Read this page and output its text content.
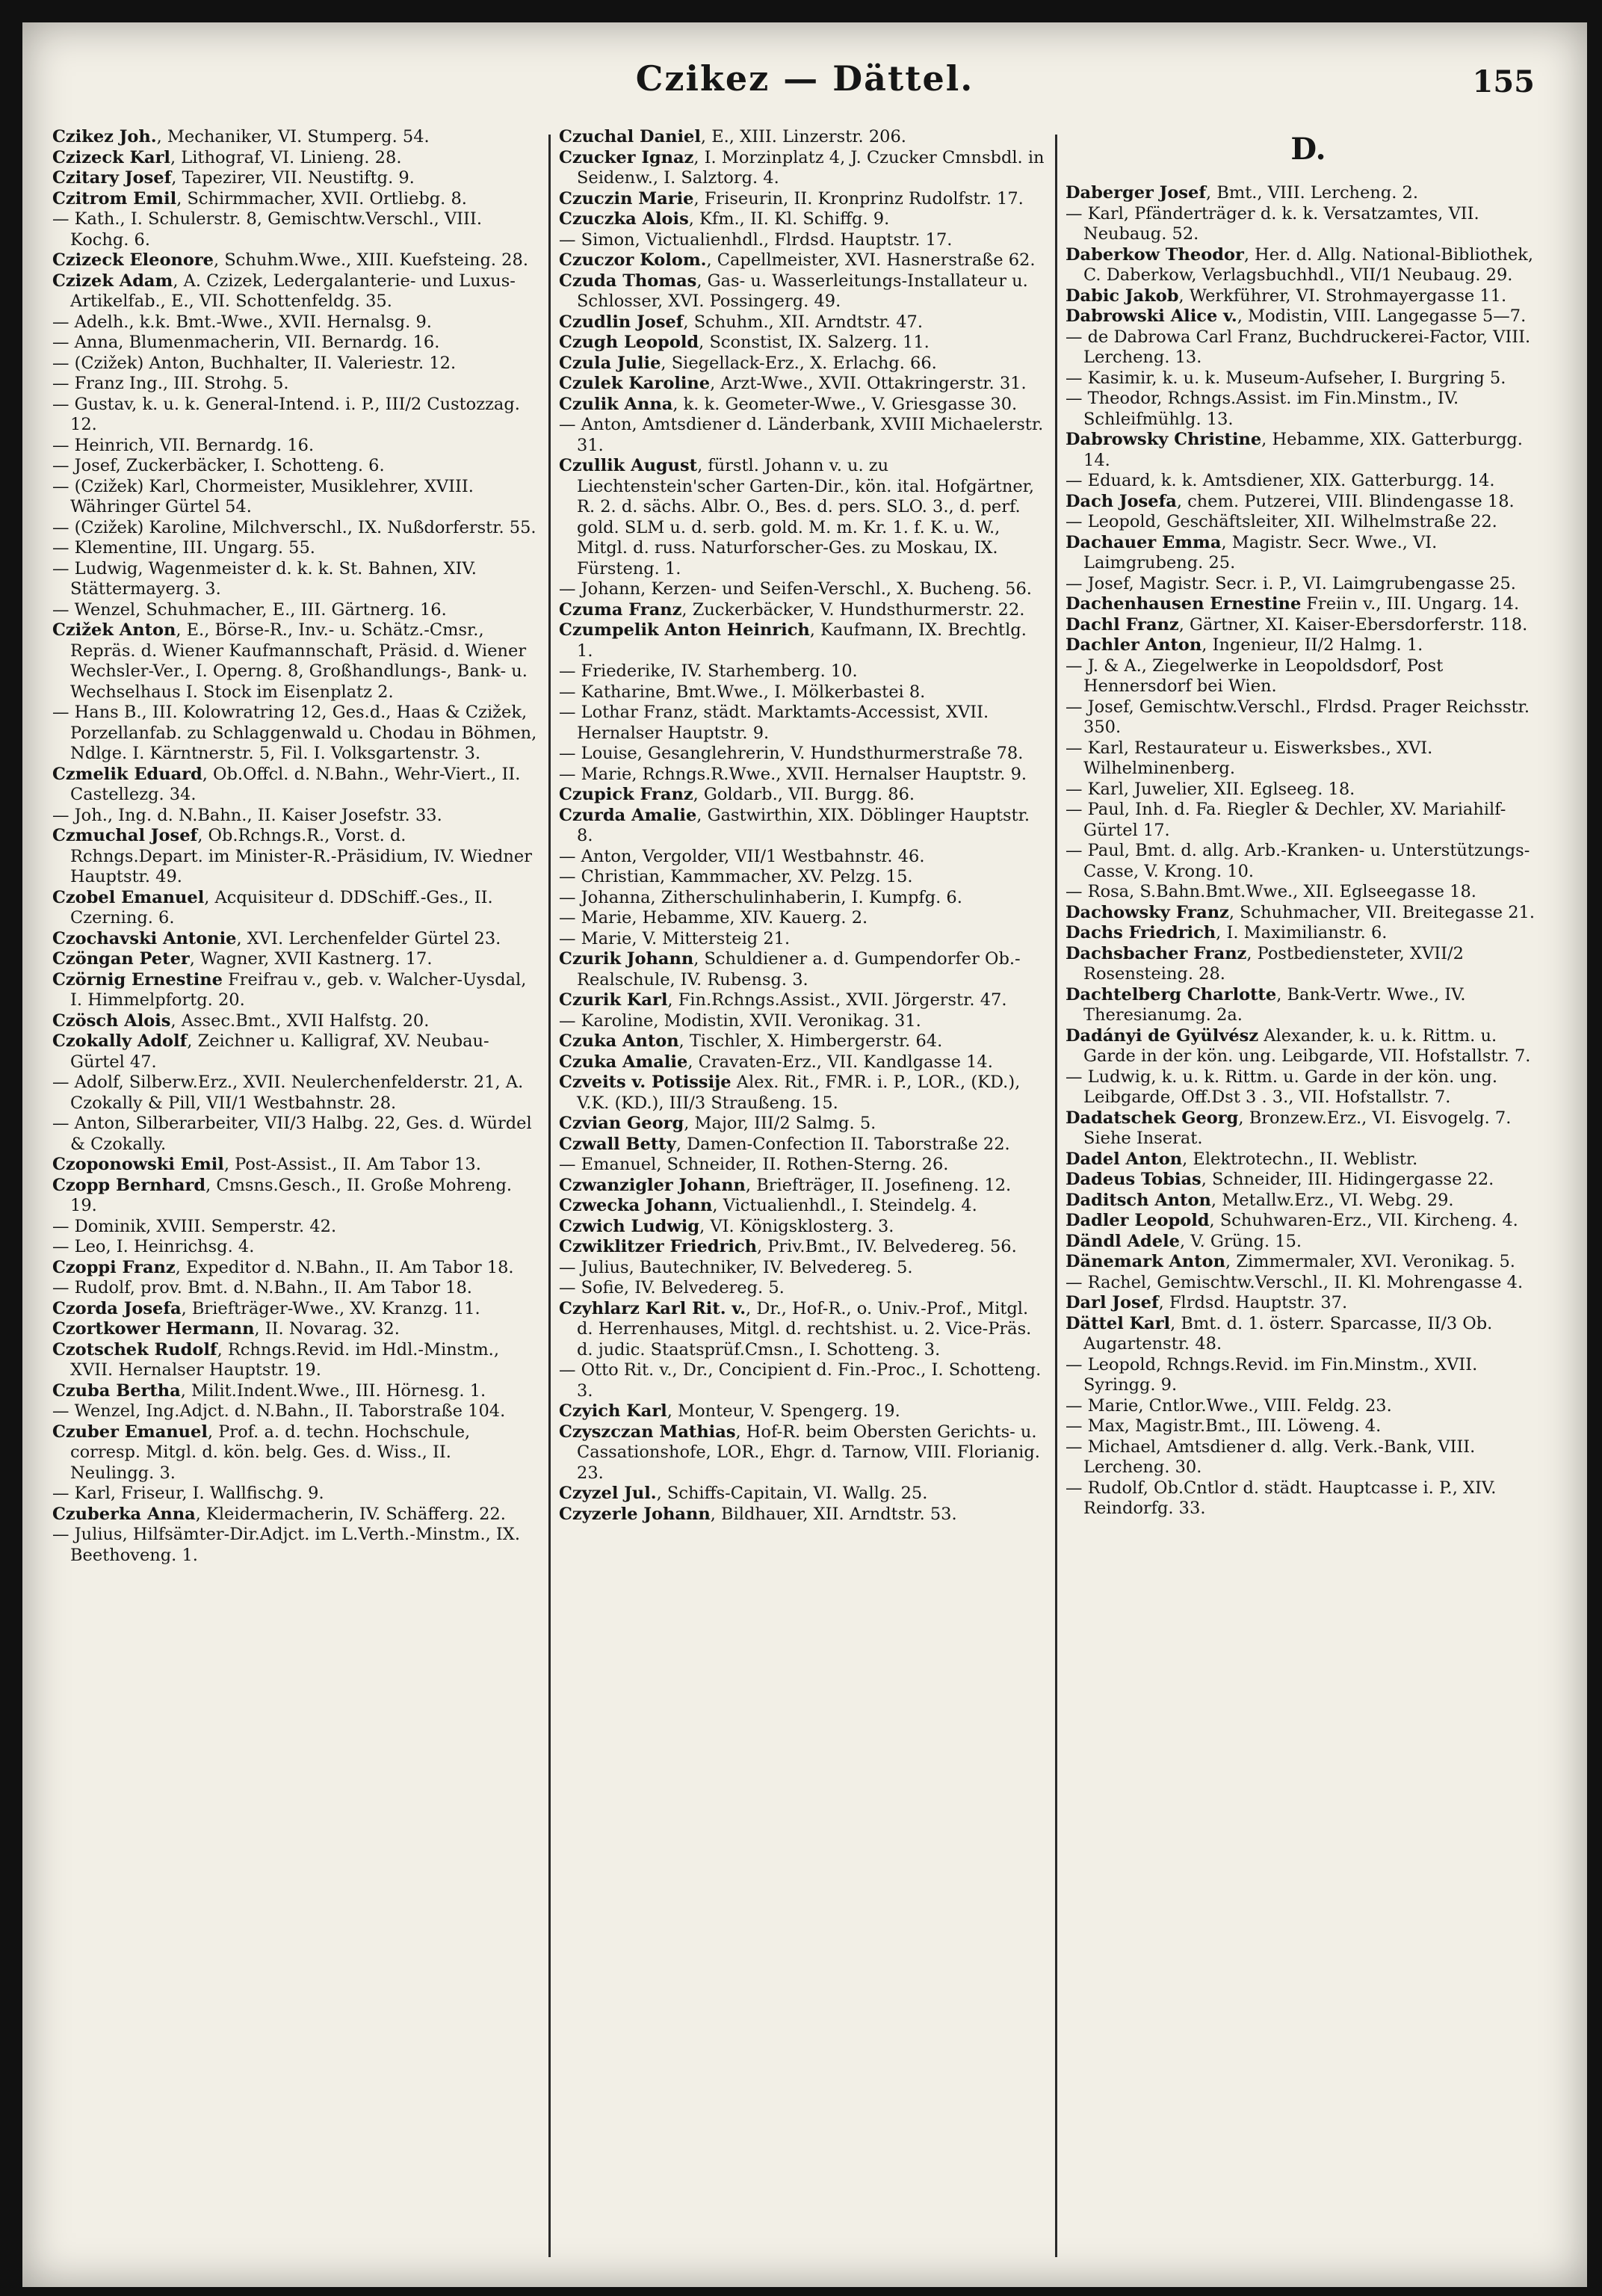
Czikez — Dättel.	155

Czikez Joh., Mechaniker, VI. Stumperg. 54.

Czizeck Karl, Lithograf, VI. Linieng. 28.

Czitary Josef, Tapezirer, VII. Neustiftg. 9.

Czitrom Emil, Schirmmacher, XVII. Ortliebg. 8.

— Kath., I. Schulerstr. 8, Gemischtw.Verschl., VIII. Kochg. 6.

Czizeck Eleonore, Schuhm.Wwe., XIII. Kuefsteing. 28.

Czizek Adam, A. Czizek, Ledergalanterie- und Luxus-Artikelfab., E., VII. Schottenfeldg. 35.

— Adelh., k.k. Bmt.-Wwe., XVII. Hernalsg. 9.

— Anna, Blumenmacherin, VII. Bernardg. 16.

— (Czižek) Anton, Buchhalter, II. Valeriestr. 12.

— Franz Ing., III. Strohg. 5.

— Gustav, k. u. k. General-Intend. i. P., III/2 Custozzag. 12.

— Heinrich, VII. Bernardg. 16.

— Josef, Zuckerbäcker, I. Schotteng. 6.

— (Czižek) Karl, Chormeister, Musiklehrer, XVIII. Währinger Gürtel 54.

— (Czižek) Karoline, Milchverschl., IX. Nußdorferstr. 55.

— Klementine, III. Ungarg. 55.

— Ludwig, Wagenmeister d. k. k. St. Bahnen, XIV. Stättermayerg. 3.

— Wenzel, Schuhmacher, E., III. Gärtnerg. 16.

Czižek Anton, E., Börse-R., Inv.- u. Schätz.-Cmsr., Repräs. d. Wiener Kaufmannschaft, Präsid. d. Wiener Wechsler-Ver., I. Operng. 8, Großhandlungs-, Bank- u. Wechselhaus I. Stock im Eisenplatz 2.

— Hans B., III. Kolowratring 12, Ges.d., Haas & Czižek, Porzellanfab. zu Schlaggenwald u. Chodau in Böhmen, Ndlge. I. Kärntnerstr. 5, Fil. I. Volksgartenstr. 3.

Czmelik Eduard, Ob.Offcl. d. N.Bahn., Wehr-Viert., II. Castellezg. 34.

— Joh., Ing. d. N.Bahn., II. Kaiser Josefstr. 33.

Czmuchal Josef, Ob.Rchngs.R., Vorst. d. Rchngs.Depart. im Minister-R.-Präsidium, IV. Wiedner Hauptstr. 49.

Czobel Emanuel, Acquisiteur d. DDSchiff.-Ges., II. Czerning. 6.

Czochavski Antonie, XVI. Lerchenfelder Gürtel 23.

Czöngan Peter, Wagner, XVII Kastnerg. 17.

Czörnig Ernestine Freifrau v., geb. v. Walcher-Uysdal, I. Himmelpfortg. 20.

Czösch Alois, Assec.Bmt., XVII Halfstg. 20.

Czokally Adolf, Zeichner u. Kalligraf, XV. Neubau-Gürtel 47.

— Adolf, Silberw.Erz., XVII. Neulerchenfelderstr. 21, A. Czokally & Pill, VII/1 Westbahnstr. 28.

— Anton, Silberarbeiter, VII/3 Halbg. 22, Ges. d. Würdel & Czokally.

Czoponowski Emil, Post-Assist., II. Am Tabor 13.

Czopp Bernhard, Cmsns.Gesch., II. Große Mohreng. 19.

— Dominik, XVIII. Semperstr. 42.

— Leo, I. Heinrichsg. 4.

Czoppi Franz, Expeditor d. N.Bahn., II. Am Tabor 18.

— Rudolf, prov. Bmt. d. N.Bahn., II. Am Tabor 18.

Czorda Josefa, Briefträger-Wwe., XV. Kranzg. 11.

Czortkower Hermann, II. Novarag. 32.

Czotschek Rudolf, Rchngs.Revid. im Hdl.-Minstm., XVII. Hernalser Hauptstr. 19.

Czuba Bertha, Milit.Indent.Wwe., III. Hörnesg. 1.

— Wenzel, Ing.Adjct. d. N.Bahn., II. Taborstraße 104.

Czuber Emanuel, Prof. a. d. techn. Hochschule, corresp. Mitgl. d. kön. belg. Ges. d. Wiss., II. Neulingg. 3.

— Karl, Friseur, I. Wallfischg. 9.

Czuberka Anna, Kleidermacherin, IV. Schäfferg. 22.

— Julius, Hilfsämter-Dir.Adjct. im L.Verth.-Minstm., IX. Beethoveng. 1.

Czuchal Daniel, E., XIII. Linzerstr. 206.

Czucker Ignaz, I. Morzinplatz 4, J. Czucker Cmnsbdl. in Seidenw., I. Salztorg. 4.

Czuczin Marie, Friseurin, II. Kronprinz Rudolfstr. 17.

Czuczka Alois, Kfm., II. Kl. Schiffg. 9.

— Simon, Victualienhdl., Flrdsd. Hauptstr. 17.

Czuczor Kolom., Capellmeister, XVI. Hasnerstraße 62.

Czuda Thomas, Gas- u. Wasserleitungs-Installateur u. Schlosser, XVI. Possingerg. 49.

Czudlin Josef, Schuhm., XII. Arndtstr. 47.

Czugh Leopold, Sconstist, IX. Salzerg. 11.

Czula Julie, Siegellack-Erz., X. Erlachg. 66.

Czulek Karoline, Arzt-Wwe., XVII. Ottakringerstr. 31.

Czulik Anna, k. k. Geometer-Wwe., V. Griesgasse 30.

— Anton, Amtsdiener d. Länderbank, XVIII Michaelerstr. 31.

Czullik August, fürstl. Johann v. u. zu Liechtenstein'scher Garten-Dir., kön. ital. Hofgärtner, R. 2. d. sächs. Albr. O., Bes. d. pers. SLO. 3., d. perf. gold. SLM u. d. serb. gold. M. m. Kr. 1. f. K. u. W., Mitgl. d. russ. Naturforscher-Ges. zu Moskau, IX. Fürsteng. 1.

— Johann, Kerzen- und Seifen-Verschl., X. Bucheng. 56.

Czuma Franz, Zuckerbäcker, V. Hundsthurmerstr. 22.

Czumpelik Anton Heinrich, Kaufmann, IX. Brechtlg. 1.

— Friederike, IV. Starhemberg. 10.

— Katharine, Bmt.Wwe., I. Mölkerbastei 8.

— Lothar Franz, städt. Marktamts-Accessist, XVII. Hernalser Hauptstr. 9.

— Louise, Gesanglehrerin, V. Hundsthurmerstraße 78.

— Marie, Rchngs.R.Wwe., XVII. Hernalser Hauptstr. 9.

Czupick Franz, Goldarb., VII. Burgg. 86.

Czurda Amalie, Gastwirthin, XIX. Döblinger Hauptstr. 8.

— Anton, Vergolder, VII/1 Westbahnstr. 46.

— Christian, Kammmacher, XV. Pelzg. 15.

— Johanna, Zitherschulinhaberin, I. Kumpfg. 6.

— Marie, Hebamme, XIV. Kauerg. 2.

— Marie, V. Mittersteig 21.

Czurik Johann, Schuldiener a. d. Gumpendorfer Ob.-Realschule, IV. Rubensg. 3.

Czurik Karl, Fin.Rchngs.Assist., XVII. Jörgerstr. 47.

— Karoline, Modistin, XVII. Veronikag. 31.

Czuka Anton, Tischler, X. Himbergerstr. 64.

Czuka Amalie, Cravaten-Erz., VII. Kandlgasse 14.

Czveits v. Potissije Alex. Rit., FMR. i. P., LOR., (KD.), V.K. (KD.), III/3 Straußeng. 15.

Czvian Georg, Major, III/2 Salmg. 5.

Czwall Betty, Damen-Confection II. Taborstraße 22.

— Emanuel, Schneider, II. Rothen-Sterng. 26.

Czwanzigler Johann, Briefträger, II. Josefineng. 12.

Czwecka Johann, Victualienhdl., I. Steindelg. 4.

Czwich Ludwig, VI. Königsklosterg. 3.

Czwiklitzer Friedrich, Priv.Bmt., IV. Belvedereg. 56.

— Julius, Bautechniker, IV. Belvedereg. 5.

— Sofie, IV. Belvedereg. 5.

Czyhlarz Karl Rit. v., Dr., Hof-R., o. Univ.-Prof., Mitgl. d. Herrenhauses, Mitgl. d. rechtshist. u. 2. Vice-Präs. d. judic. Staatsprüf.Cmsn., I. Schotteng. 3.

— Otto Rit. v., Dr., Concipient d. Fin.-Proc., I. Schotteng. 3.

Czyich Karl, Monteur, V. Spengerg. 19.

Czyszczan Mathias, Hof-R. beim Obersten Gerichts- u. Cassationshofe, LOR., Ehgr. d. Tarnow, VIII. Florianig. 23.

Czyzel Jul., Schiffs-Capitain, VI. Wallg. 25.

Czyzerle Johann, Bildhauer, XII. Arndtstr. 53.

D.

Daberger Josef, Bmt., VIII. Lercheng. 2.

— Karl, Pfänderträger d. k. k. Versatzamtes, VII. Neubaug. 52.

Daberkow Theodor, Her. d. Allg. National-Bibliothek, C. Daberkow, Verlagsbuchhdl., VII/1 Neubaug. 29.

Dabic Jakob, Werkführer, VI. Strohmayergasse 11.

Dabrowski Alice v., Modistin, VIII. Langegasse 5—7.

— de Dabrowa Carl Franz, Buchdruckerei-Factor, VIII. Lercheng. 13.

— Kasimir, k. u. k. Museum-Aufseher, I. Burgring 5.

— Theodor, Rchngs.Assist. im Fin.Minstm., IV. Schleifmühlg. 13.

Dabrowsky Christine, Hebamme, XIX. Gatterburgg. 14.

— Eduard, k. k. Amtsdiener, XIX. Gatterburgg. 14.

Dach Josefa, chem. Putzerei, VIII. Blindengasse 18.

— Leopold, Geschäftsleiter, XII. Wilhelmstraße 22.

Dachauer Emma, Magistr. Secr. Wwe., VI. Laimgrubeng. 25.

— Josef, Magistr. Secr. i. P., VI. Laimgrubengasse 25.

Dachenhausen Ernestine Freiin v., III. Ungarg. 14.

Dachl Franz, Gärtner, XI. Kaiser-Ebersdorferstr. 118.

Dachler Anton, Ingenieur, II/2 Halmg. 1.

— J. & A., Ziegelwerke in Leopoldsdorf, Post Hennersdorf bei Wien.

— Josef, Gemischtw.Verschl., Flrdsd. Prager Reichsstr. 350.

— Karl, Restaurateur u. Eiswerksbes., XVI. Wilhelminenberg.

— Karl, Juwelier, XII. Eglseeg. 18.

— Paul, Inh. d. Fa. Riegler & Dechler, XV. Mariahilf-Gürtel 17.

— Paul, Bmt. d. allg. Arb.-Kranken- u. Unterstützungs-Casse, V. Krong. 10.

— Rosa, S.Bahn.Bmt.Wwe., XII. Eglseegasse 18.

Dachowsky Franz, Schuhmacher, VII. Breitegasse 21.

Dachs Friedrich, I. Maximilianstr. 6.

Dachsbacher Franz, Postbediensteter, XVII/2 Rosensteing. 28.

Dachtelberg Charlotte, Bank-Vertr. Wwe., IV. Theresianumg. 2a.

Dadányi de Gyülvész Alexander, k. u. k. Rittm. u. Garde in der kön. ung. Leibgarde, VII. Hofstallstr. 7.

— Ludwig, k. u. k. Rittm. u. Garde in der kön. ung. Leibgarde, Off.Dst 3 . 3., VII. Hofstallstr. 7.

Dadatschek Georg, Bronzew.Erz., VI. Eisvogelg. 7. Siehe Inserat.

Dadel Anton, Elektrotechn., II. Weblistr.

Dadeus Tobias, Schneider, III. Hidingergasse 22.

Daditsch Anton, Metallw.Erz., VI. Webg. 29.

Dadler Leopold, Schuhwaren-Erz., VII. Kircheng. 4.

Dändl Adele, V. Grüng. 15.

Dänemark Anton, Zimmermaler, XVI. Veronikag. 5.

— Rachel, Gemischtw.Verschl., II. Kl. Mohrengasse 4.

Darl Josef, Flrdsd. Hauptstr. 37.

Dättel Karl, Bmt. d. 1. österr. Sparcasse, II/3 Ob. Augartenstr. 48.

— Leopold, Rchngs.Revid. im Fin.Minstm., XVII. Syringg. 9.

— Marie, Cntlor.Wwe., VIII. Feldg. 23.

— Max, Magistr.Bmt., III. Löweng. 4.

— Michael, Amtsdiener d. allg. Verk.-Bank, VIII. Lercheng. 30.

— Rudolf, Ob.Cntlor d. städt. Hauptcasse i. P., XIV. Reindorfg. 33.
